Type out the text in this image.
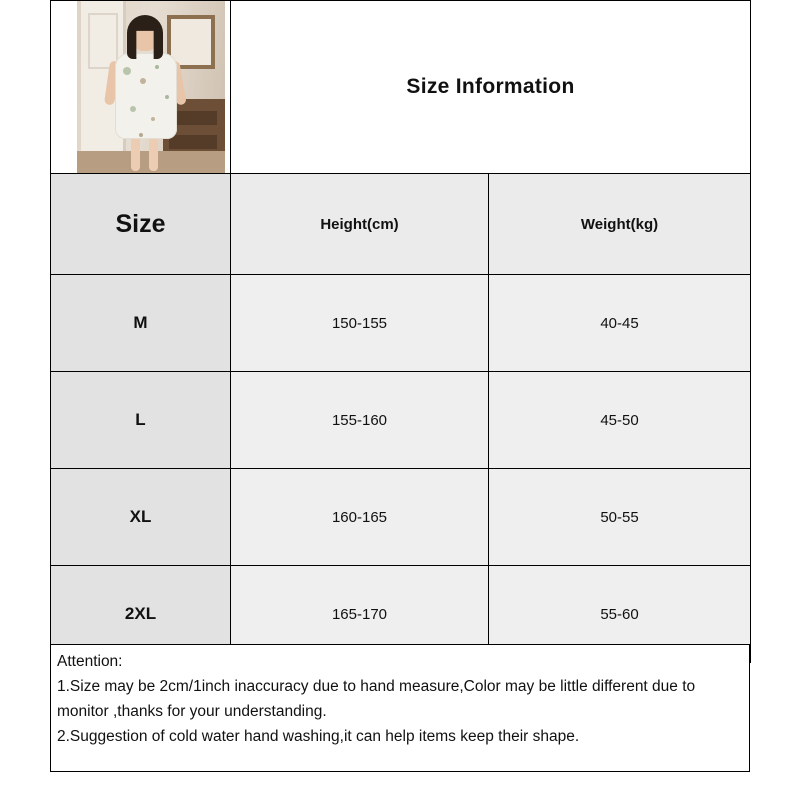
	Size Information	
Size	Height(cm)	Weight(kg)
M	150-155	40-45
L	155-160	45-50
XL	160-165	50-55
2XL	165-170	55-60

Attention:

1.Size may be 2cm/1inch inaccuracy due to hand measure,Color may be little different due to monitor ,thanks for your understanding.

2.Suggestion of cold water hand washing,it can help items keep their shape.
